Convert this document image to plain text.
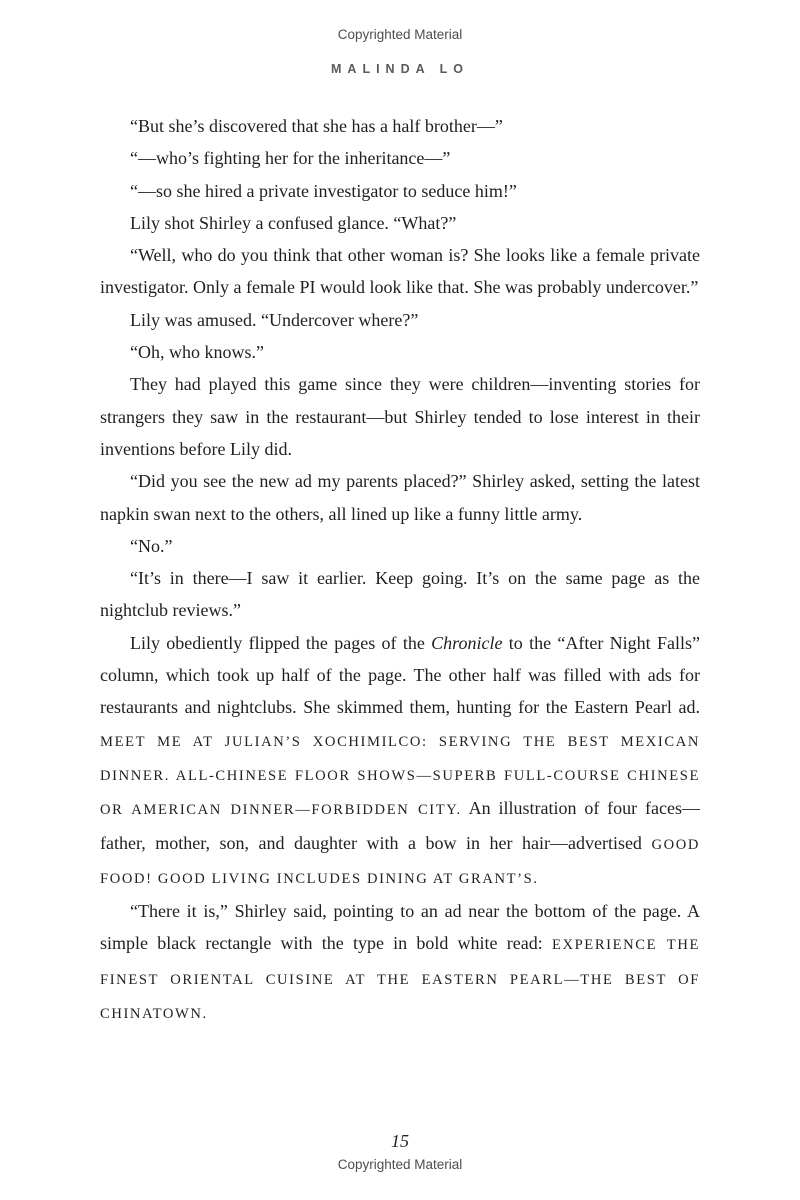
Copyrighted Material
MALINDA LO

“But she’s discovered that she has a half brother—”

“—who’s fighting her for the inheritance—”

“—so she hired a private investigator to seduce him!”

Lily shot Shirley a confused glance. “What?”

“Well, who do you think that other woman is? She looks like a female private investigator. Only a female PI would look like that. She was probably undercover.”

Lily was amused. “Undercover where?”

“Oh, who knows.”

They had played this game since they were children—inventing stories for strangers they saw in the restaurant—but Shirley tended to lose interest in their inventions before Lily did.

“Did you see the new ad my parents placed?” Shirley asked, setting the latest napkin swan next to the others, all lined up like a funny little army.

“No.”

“It’s in there—I saw it earlier. Keep going. It’s on the same page as the nightclub reviews.”

Lily obediently flipped the pages of the Chronicle to the “After Night Falls” column, which took up half of the page. The other half was filled with ads for restaurants and nightclubs. She skimmed them, hunting for the Eastern Pearl ad. MEET ME AT JULIAN’S XOCHIMILCO: SERVING THE BEST MEXICAN DINNER. ALL-CHINESE FLOOR SHOWS—SUPERB FULL-COURSE CHINESE OR AMERICAN DINNER—FORBIDDEN CITY. An illustration of four faces—father, mother, son, and daughter with a bow in her hair—advertised GOOD FOOD! GOOD LIVING INCLUDES DINING AT GRANT’S.

“There it is,” Shirley said, pointing to an ad near the bottom of the page. A simple black rectangle with the type in bold white read: EXPERIENCE THE FINEST ORIENTAL CUISINE AT THE EASTERN PEARL—THE BEST OF CHINATOWN.

15
Copyrighted Material
